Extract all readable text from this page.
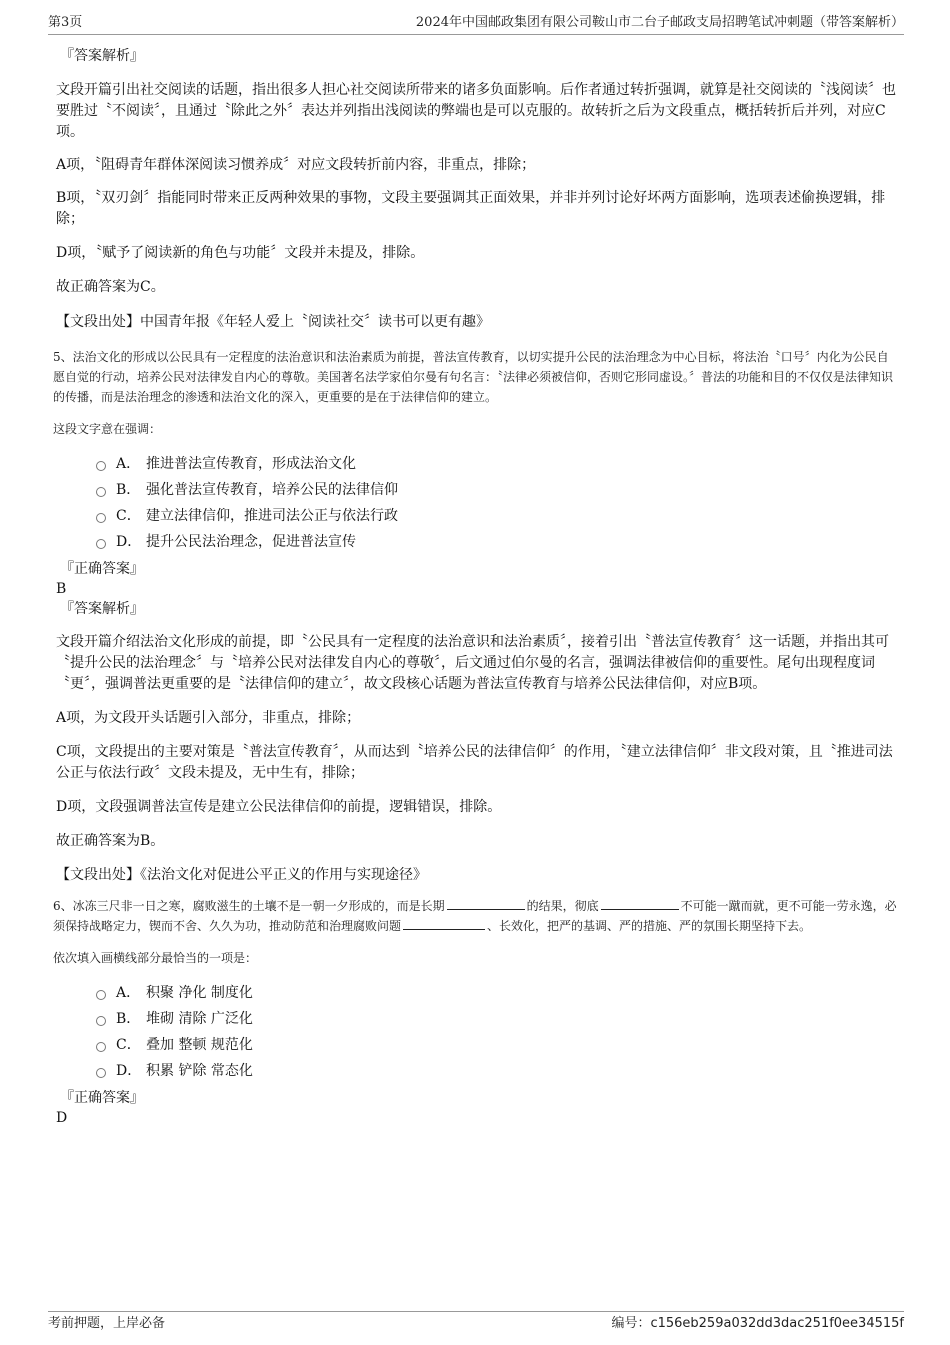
第3页	2024年中国邮政集团有限公司鞍山市二台子邮政支局招聘笔试冲刺题（带答案解析）

『答案解析』

文段开篇引出社交阅读的话题，指出很多人担心社交阅读所带来的诸多负面影响。后作者通过转折强调，就算是社交阅读的〝浅阅读〞也要胜过〝不阅读〞，且通过〝除此之外〞表达并列指出浅阅读的弊端也是可以克服的。故转折之后为文段重点，概括转折后并列，对应C项。

A项，〝阻碍青年群体深阅读习惯养成〞对应文段转折前内容，非重点，排除；

B项，〝双刃剑〞指能同时带来正反两种效果的事物，文段主要强调其正面效果，并非并列讨论好坏两方面影响，选项表述偷换逻辑，排除；

D项，〝赋予了阅读新的角色与功能〞文段并未提及，排除。

故正确答案为C。

【文段出处】中国青年报《年轻人爱上〝阅读社交〞读书可以更有趣》

5、法治文化的形成以公民具有一定程度的法治意识和法治素质为前提，普法宣传教育，以切实提升公民的法治理念为中心目标，将法治〝口号〞内化为公民自愿自觉的行动，培养公民对法律发自内心的尊敬。美国著名法学家伯尔曼有句名言：〝法律必须被信仰，否则它形同虚设。〞普法的功能和目的不仅仅是法律知识的传播，而是法治理念的渗透和法治文化的深入，更重要的是在于法律信仰的建立。

这段文字意在强调：

A． 推进普法宣传教育，形成法治文化
B． 强化普法宣传教育，培养公民的法律信仰
C． 建立法律信仰，推进司法公正与依法行政
D． 提升公民法治理念，促进普法宣传

『正确答案』

B

『答案解析』

文段开篇介绍法治文化形成的前提，即〝公民具有一定程度的法治意识和法治素质〞，接着引出〝普法宣传教育〞这一话题，并指出其可〝提升公民的法治理念〞与〝培养公民对法律发自内心的尊敬〞，后文通过伯尔曼的名言，强调法律被信仰的重要性。尾句出现程度词〝更〞，强调普法更重要的是〝法律信仰的建立〞，故文段核心话题为普法宣传教育与培养公民法律信仰，对应B项。

A项，为文段开头话题引入部分，非重点，排除；

C项，文段提出的主要对策是〝普法宣传教育〞，从而达到〝培养公民的法律信仰〞的作用，〝建立法律信仰〞非文段对策，且〝推进司法公正与依法行政〞文段未提及，无中生有，排除；

D项，文段强调普法宣传是建立公民法律信仰的前提，逻辑错误，排除。

故正确答案为B。

【文段出处】《法治文化对促进公平正义的作用与实现途径》

6、冰冻三尺非一日之寒，腐败滋生的土壤不是一朝一夕形成的，而是长期	的结果，彻底	不可能一蹴而就，更不可能一劳永逸，必须保持战略定力，锲而不舍、久久为功，推动防范和治理腐败问题	、长效化，把严的基调、严的措施、严的氛围长期坚持下去。

依次填入画横线部分最恰当的一项是：

A． 积聚 净化 制度化
B． 堆砌 清除 广泛化
C． 叠加 整顿 规范化
D． 积累 铲除 常态化

『正确答案』

D

考前押题，上岸必备	编号：c156eb259a032dd3dac251f0ee34515f
